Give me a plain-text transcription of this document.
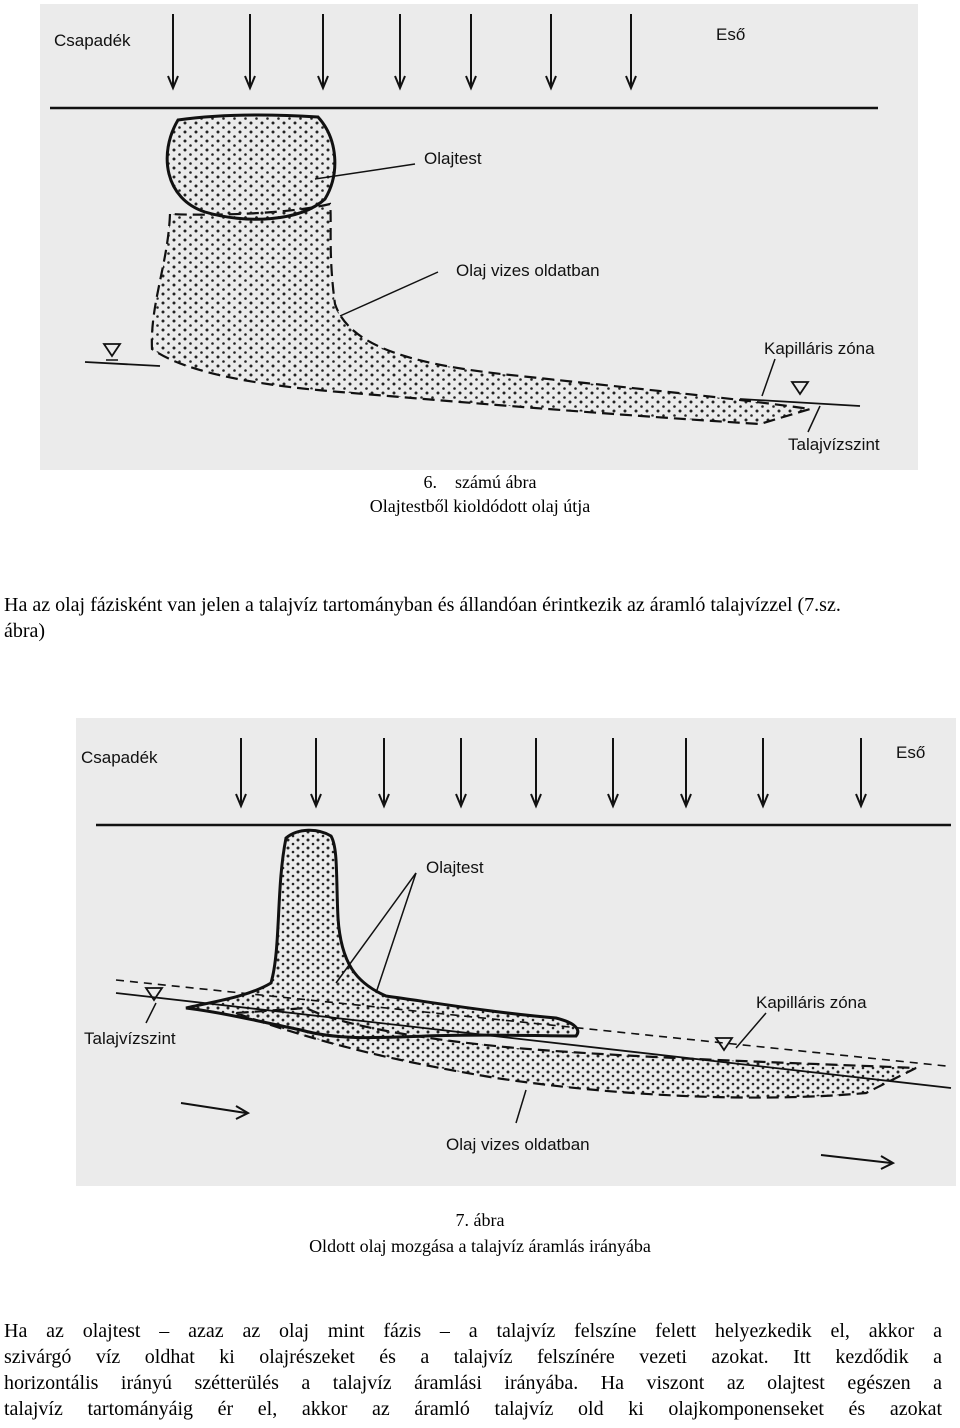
Csapadék	Eső
Olajtest
Olaj vizes oldatban
Kapilláris zóna
Talajvízszint
6. számú ábra
Olajtestből kioldódott olaj útja
Ha az olaj fázisként van jelen a talajvíz tartományban és állandóan érintkezik az áramló talajvízzel (7.sz. ábra)
Csapadék	Eső
Olajtest
Kapilláris zóna
Talajvízszint
Olaj vizes oldatban
7. ábra
Oldott olaj mozgása a talajvíz áramlás irányába
Ha az olajtest – azaz az olaj mint fázis – a talajvíz felszíne felett helyezkedik el, akkor a
szivárgó víz oldhat ki olajrészeket és a talajvíz felszínére vezeti azokat. Itt kezdődik a
horizontális irányú szétterülés a talajvíz áramlási irányába. Ha viszont az olajtest egészen a
talajvíz tartományáig ér el, akkor az áramló talajvíz old ki olajkomponenseket és azokat
